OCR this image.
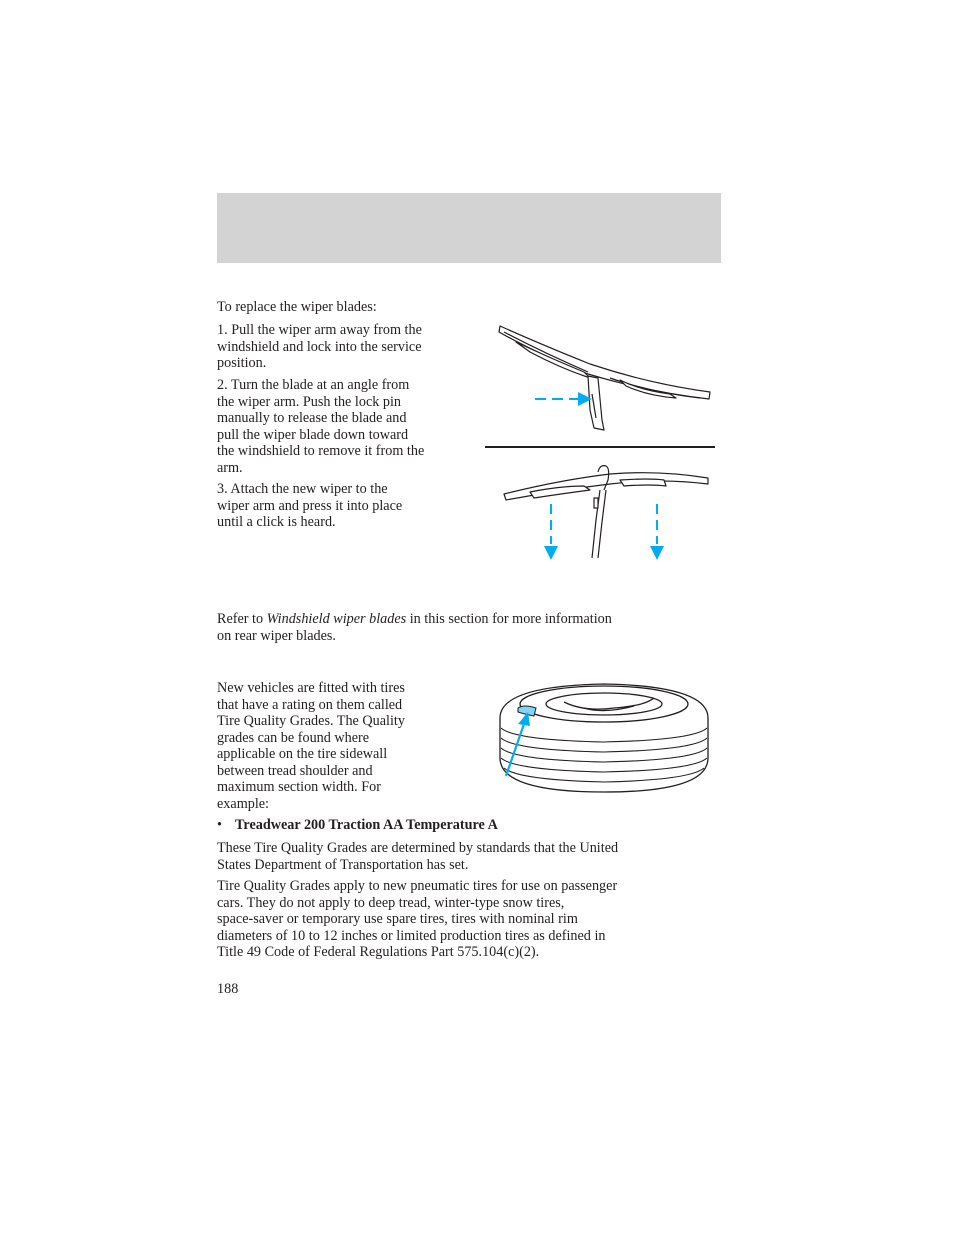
To replace the wiper blades:

1. Pull the wiper arm away from the
windshield and lock into the service
position.

2. Turn the blade at an angle from
the wiper arm. Push the lock pin
manually to release the blade and
pull the wiper blade down toward
the windshield to remove it from the
arm.

3. Attach the new wiper to the
wiper arm and press it into place
until a click is heard.

Refer to Windshield wiper blades in this section for more information
on rear wiper blades.

New vehicles are fitted with tires
that have a rating on them called
Tire Quality Grades. The Quality
grades can be found where
applicable on the tire sidewall
between tread shoulder and
maximum section width. For
example:

• Treadwear 200 Traction AA Temperature A

These Tire Quality Grades are determined by standards that the United
States Department of Transportation has set.

Tire Quality Grades apply to new pneumatic tires for use on passenger
cars. They do not apply to deep tread, winter-type snow tires,
space-saver or temporary use spare tires, tires with nominal rim
diameters of 10 to 12 inches or limited production tires as defined in
Title 49 Code of Federal Regulations Part 575.104(c)(2).

188
